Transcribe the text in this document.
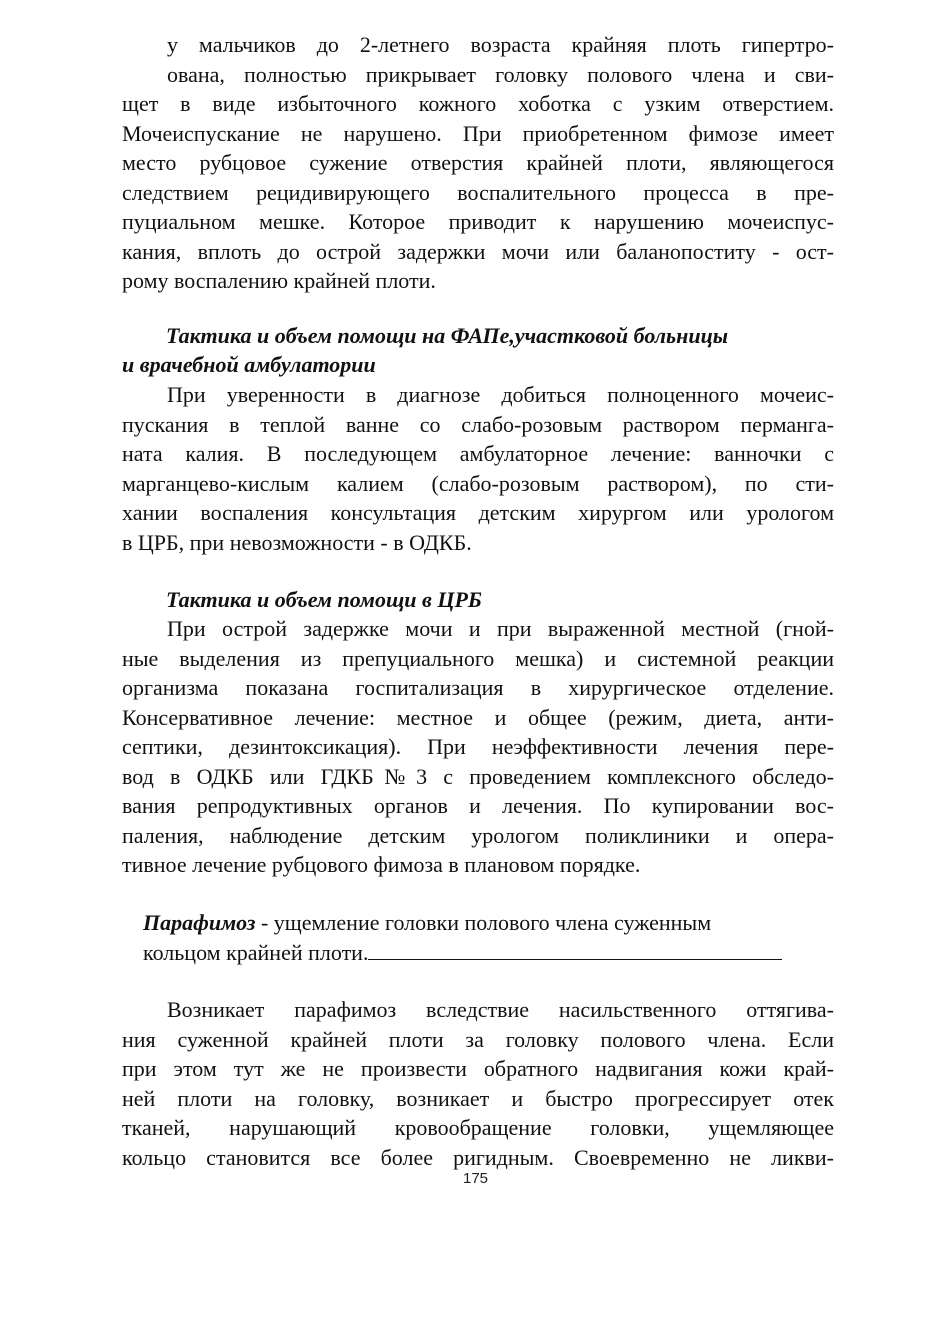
у мальчиков до 2-летнего возраста крайняя плоть гипертро-
ована, полностью прикрывает головку полового члена и сви-
щет в виде избыточного кожного хоботка с узким отверстием.
Мочеиспускание не нарушено. При приобретенном фимозе имеет
место рубцовое сужение отверстия крайней плоти, являющегося
следствием рецидивирующего воспалительного процесса в пре-
пуциальном мешке. Которое приводит к нарушению мочеиспус-
кания, вплоть до острой задержки мочи или баланопоститу - ост-
рому воспалению крайней плоти.
Тактика и объем помощи на ФАПе,участковой больницы
и врачебной амбулатории
При уверенности в диагнозе добиться полноценного мочеис-
пускания в теплой ванне со слабо-розовым раствором перманга-
ната калия. В последующем амбулаторное лечение: ванночки с
марганцево-кислым калием (слабо-розовым раствором), по сти-
хании воспаления консультация детским хирургом или урологом
в ЦРБ, при невозможности - в ОДКБ.
Тактика и объем помощи в ЦРБ
При острой задержке мочи и при выраженной местной (гной-
ные выделения из препуциального мешка) и системной реакции
организма показана госпитализация в хирургическое отделение.
Консервативное лечение: местное и общее (режим, диета, анти-
септики, дезинтоксикация). При неэффективности лечения пере-
вод в ОДКБ или ГДКБ№3 с проведением комплексного обследо-
вания репродуктивных органов и лечения. По купировании вос-
паления, наблюдение детским урологом поликлиники и опера-
тивное лечение рубцового фимоза в плановом порядке.
Парафимоз - ущемление головки полового члена суженным
кольцом крайней плоти.
Возникает парафимоз вследствие насильственного оттягива-
ния суженной крайней плоти за головку полового члена. Если
при этом тут же не произвести обратного надвигания кожи край-
ней плоти на головку, возникает и быстро прогрессирует отек
тканей, нарушающий кровообращение головки, ущемляющее
кольцо становится все более ригидным. Своевременно не ликви-
175
